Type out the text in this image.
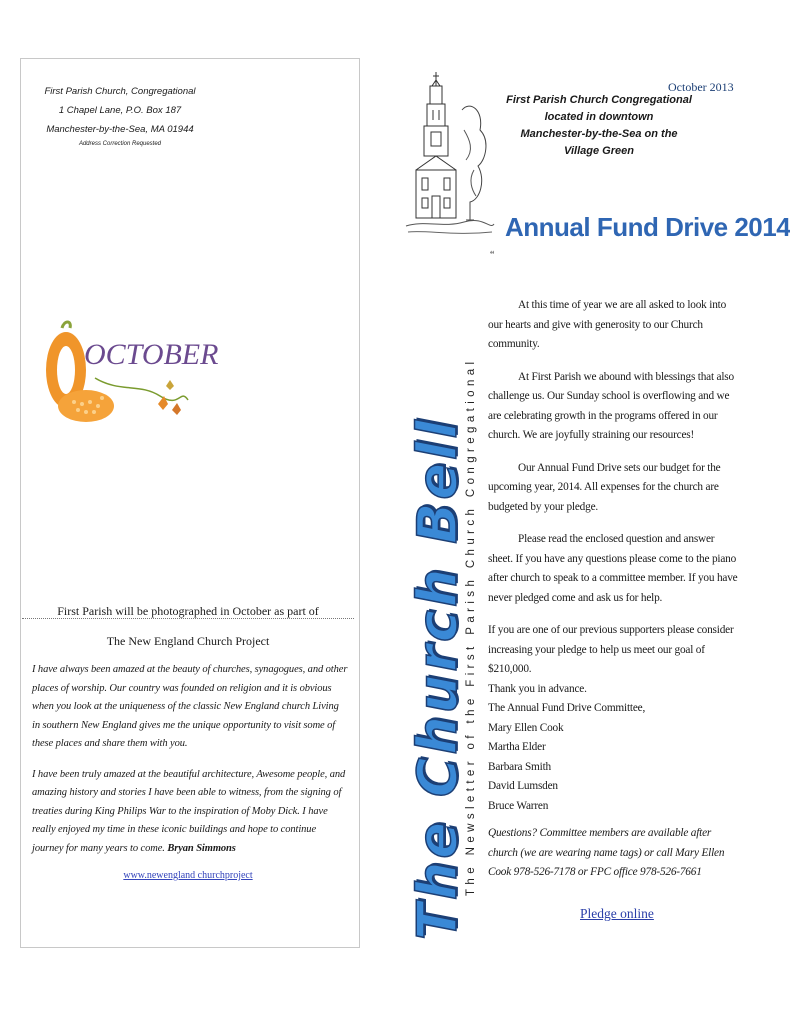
First Parish Church, Congregational
1 Chapel Lane, P.O. Box 187
Manchester-by-the-Sea, MA 01944
Address Correction Requested
OCTOBER
First Parish will be photographed in October as part of
The New England Church Project
I have always been amazed at the beauty of churches, synagogues, and other places of worship. Our country was founded on religion and it is obvious when you look at the uniqueness of the classic New England church Living in southern New England gives me the unique opportunity to visit some of these places and share them with you.
I have been truly amazed at the beautiful architecture, Awesome people, and amazing history and stories I have been able to witness, from the signing of treaties during King Philips War to the inspiration of Moby Dick. I have really enjoyed my time in these iconic buildings and hope to continue journey for many years to come. Bryan Simmons
www.newengland churchproject	The Church Bell
The Newsletter of the First Parish Church Congregational
First Parish Church Congregational
located in downtown
Manchester-by-the-Sea on the Village Green
October 2013
Annual Fund Drive 2014
“

At this time of year we are all asked to look into our hearts and give with generosity to our Church community.

At First Parish we abound with blessings that also challenge us. Our Sunday school is overflowing and we are celebrating growth in the programs offered in our church. We are joyfully straining our resources!

Our Annual Fund Drive sets our budget for the upcoming year, 2014. All expenses for the church are budgeted by your pledge.

Please read the enclosed question and answer sheet. If you have any questions please come to the piano after church to speak to a committee member. If you have never pledged come and ask us for help.

If you are one of our previous supporters please consider increasing your pledge to help us meet our goal of $210,000.

Thank you in advance.

The Annual Fund Drive Committee,

Mary Ellen Cook

Martha Elder

Barbara Smith

David Lumsden

Bruce Warren

Questions? Committee members are available after church (we are wearing name tags) or call Mary Ellen Cook 978-526-7178 or FPC office 978-526-7661

Pledge online
